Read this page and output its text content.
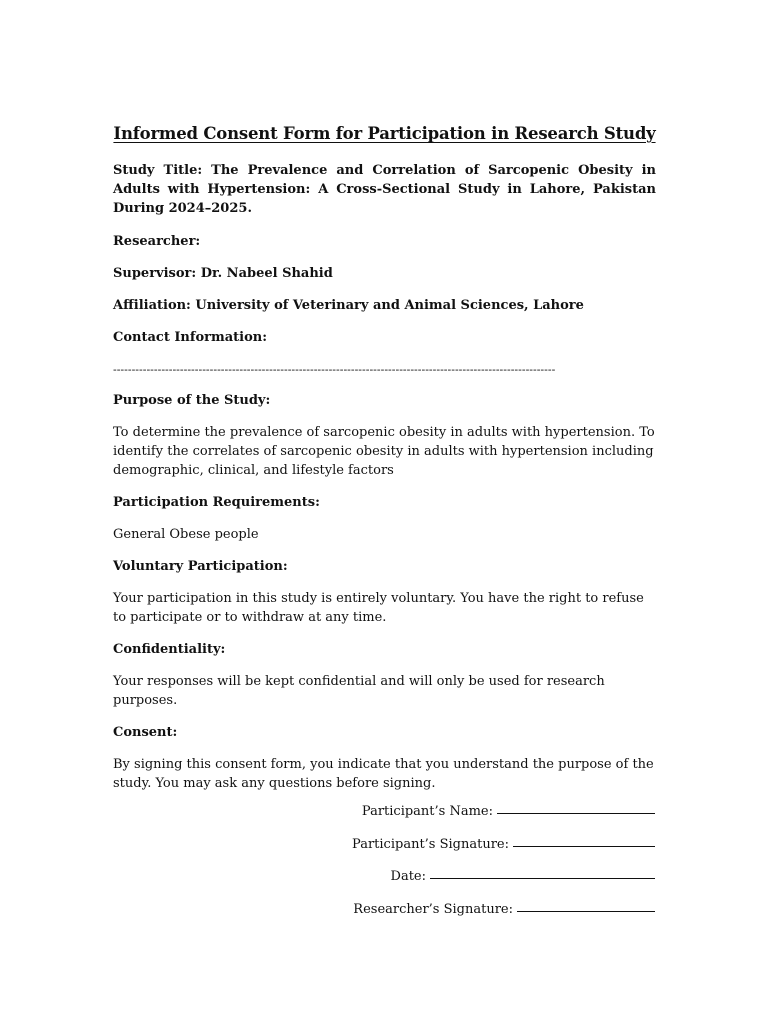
Informed Consent Form for Participation in Research Study

Study Title: The Prevalence and Correlation of Sarcopenic Obesity in Adults with Hypertension: A Cross-Sectional Study in Lahore, Pakistan During 2024–2025.

Researcher:

Supervisor: Dr. Nabeel Shahid

Affiliation: University of Veterinary and Animal Sciences, Lahore

Contact Information:

-----------------------------------------------------------------------------------------------------------------------

Purpose of the Study:

To determine the prevalence of sarcopenic obesity in adults with hypertension. To identify the correlates of sarcopenic obesity in adults with hypertension including demographic, clinical, and lifestyle factors

Participation Requirements:

General Obese people

Voluntary Participation:

Your participation in this study is entirely voluntary. You have the right to refuse to participate or to withdraw at any time.

Confidentiality:

Your responses will be kept confidential and will only be used for research purposes.

Consent:

By signing this consent form, you indicate that you understand the purpose of the study. You may ask any questions before signing.

Participant’s Name:
Participant’s Signature:
Date:
Researcher’s Signature:
